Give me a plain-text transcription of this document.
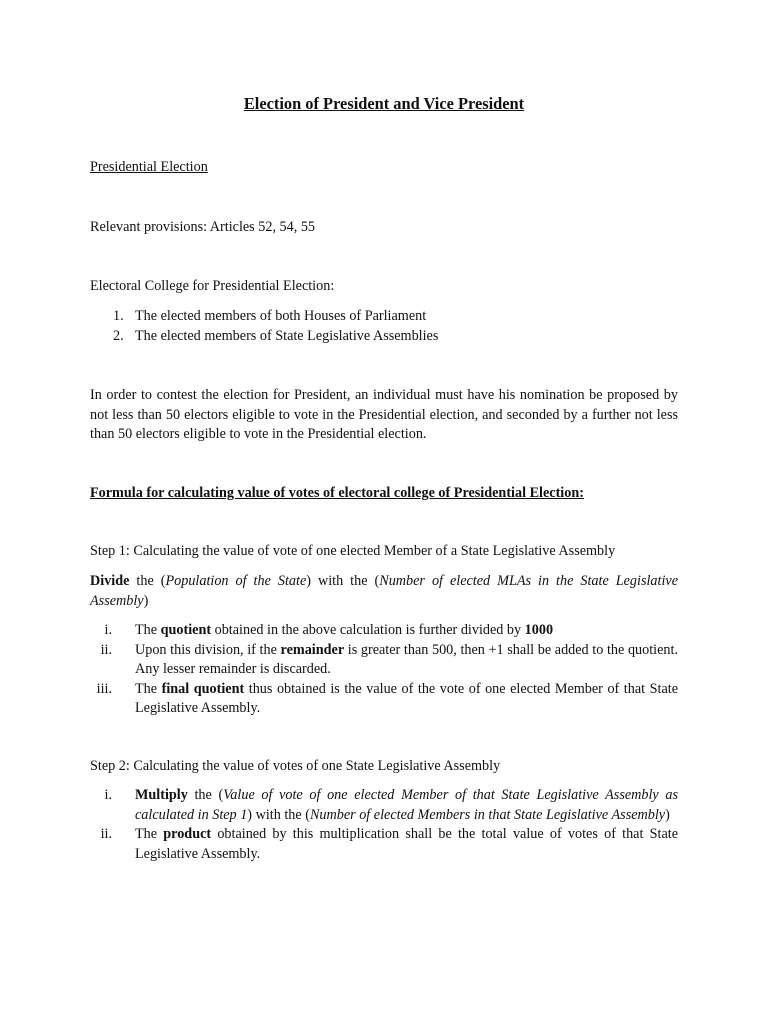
Election of President and Vice President

Presidential Election

Relevant provisions: Articles 52, 54, 55

Electoral College for Presidential Election:

1. The elected members of both Houses of Parliament
2. The elected members of State Legislative Assemblies

In order to contest the election for President, an individual must have his nomination be proposed by not less than 50 electors eligible to vote in the Presidential election, and seconded by a further not less than 50 electors eligible to vote in the Presidential election.

Formula for calculating value of votes of electoral college of Presidential Election:

Step 1: Calculating the value of vote of one elected Member of a State Legislative Assembly

Divide the (Population of the State) with the (Number of elected MLAs in the State Legislative Assembly)

i. The quotient obtained in the above calculation is further divided by 1000
ii. Upon this division, if the remainder is greater than 500, then +1 shall be added to the quotient. Any lesser remainder is discarded.
iii. The final quotient thus obtained is the value of the vote of one elected Member of that State Legislative Assembly.

Step 2: Calculating the value of votes of one State Legislative Assembly

i. Multiply the (Value of vote of one elected Member of that State Legislative Assembly as calculated in Step 1) with the (Number of elected Members in that State Legislative Assembly)
ii. The product obtained by this multiplication shall be the total value of votes of that State Legislative Assembly.
